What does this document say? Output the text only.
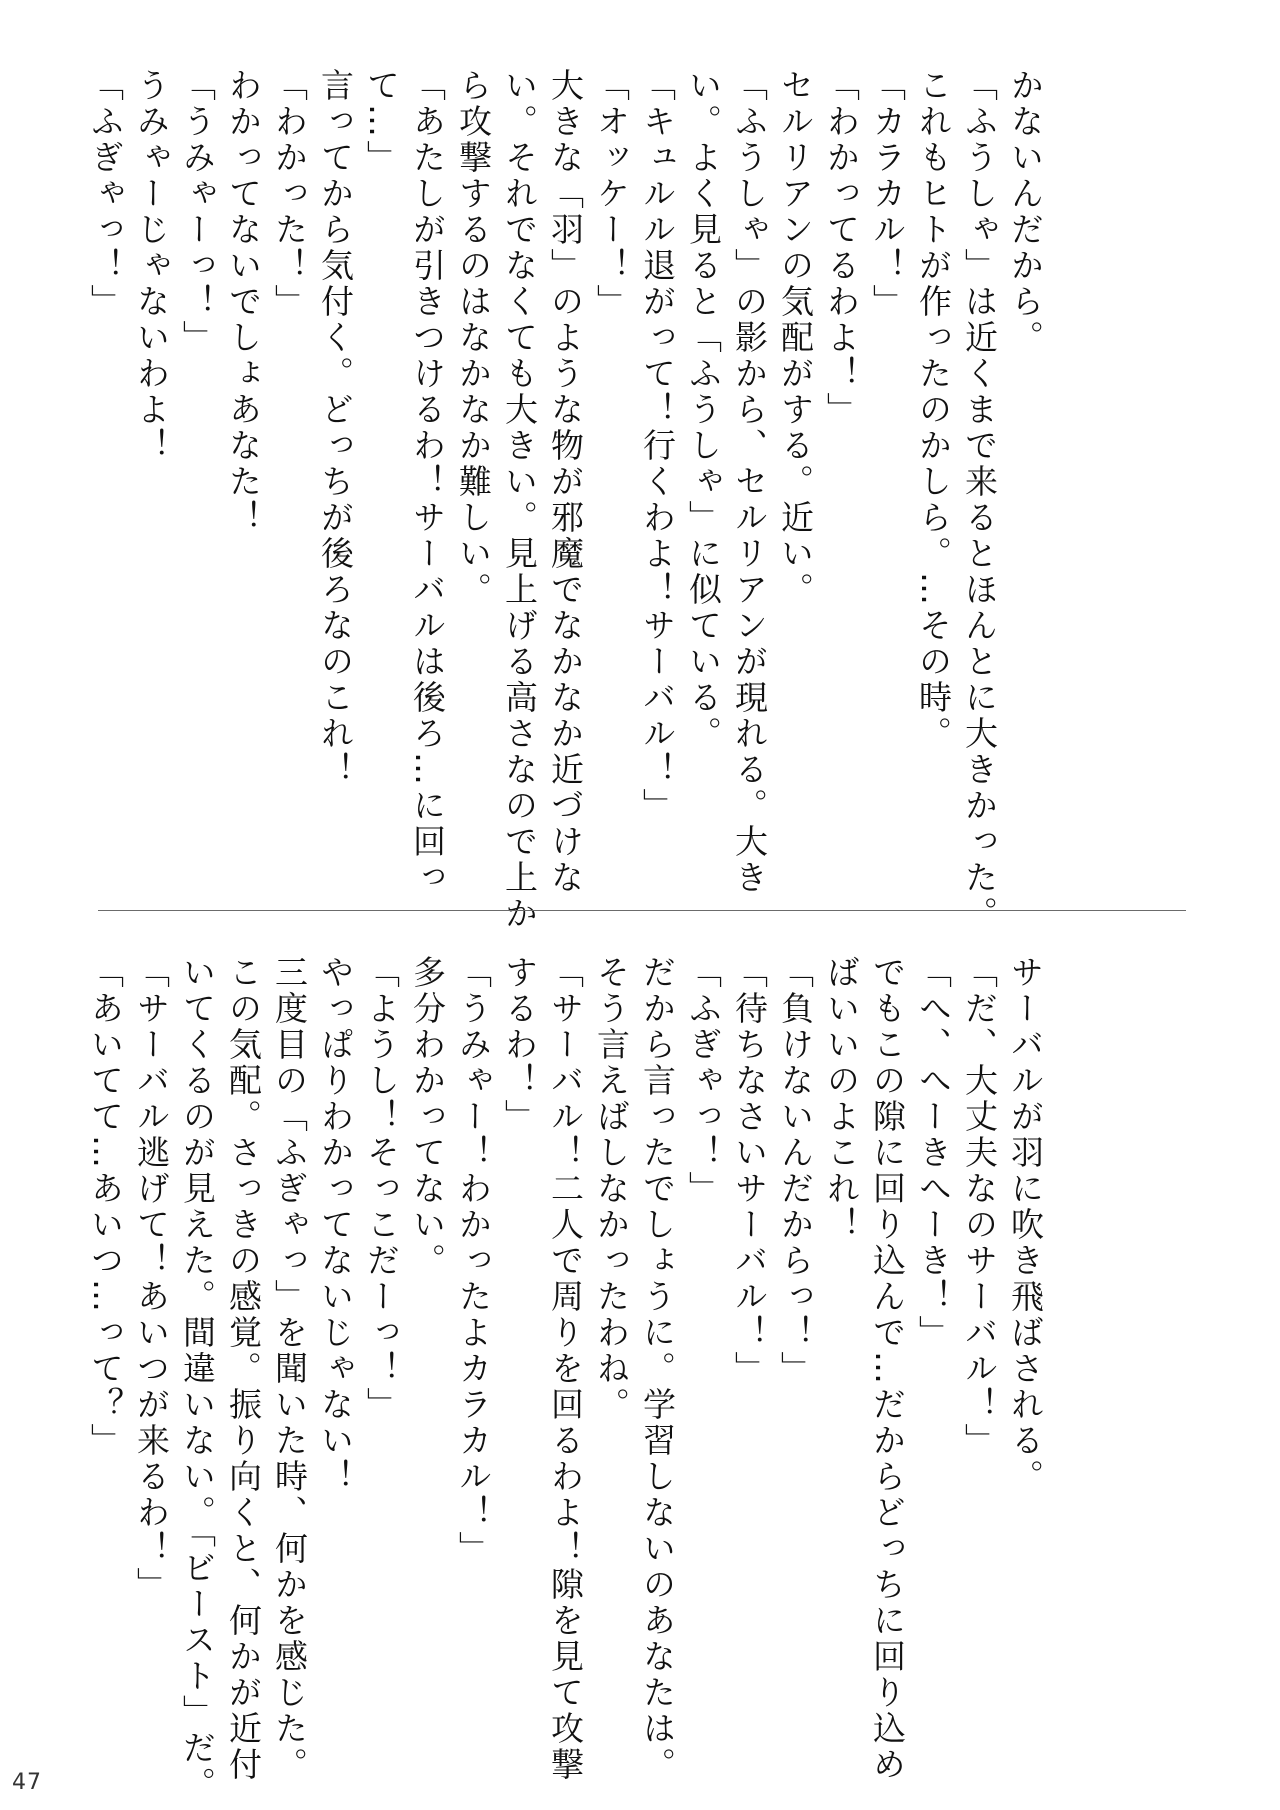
かないんだから。
「ふうしゃ」は近くまで来るとほんとに大きかった。
これもヒトが作ったのかしら。…その時。
「カラカル！」
「わかってるわよ！」
セルリアンの気配がする。近い。
「ふうしゃ」の影から、セルリアンが現れる。大き
い。よく見ると「ふうしゃ」に似ている。
「キュルル退がって！行くわよ！サーバル！」
「オッケー！」
大きな「羽」のような物が邪魔でなかなか近づけな
い。それでなくても大きい。見上げる高さなので上か
ら攻撃するのはなかなか難しい。
「あたしが引きつけるわ！サーバルは後ろ…に回っ
て…」
言ってから気付く。どっちが後ろなのこれ！
「わかった！」
わかってないでしょあなた！
「うみゃーっ！」
うみゃーじゃないわよ！
「ふぎゃっ！」
サーバルが羽に吹き飛ばされる。
「だ、大丈夫なのサーバル！」
「へ、へーきへーき！」
でもこの隙に回り込んで…だからどっちに回り込め
ばいいのよこれ！
「負けないんだからっ！」
「待ちなさいサーバル！」
「ふぎゃっ！」
だから言ったでしょうに。学習しないのあなたは。
そう言えばしなかったわね。
「サーバル！二人で周りを回るわよ！隙を見て攻撃
するわ！」
「うみゃー！わかったよカラカル！」
多分わかってない。
「ようし！そっこだーっ！」
やっぱりわかってないじゃない！
三度目の「ふぎゃっ」を聞いた時、何かを感じた。
この気配。さっきの感覚。振り向くと、何かが近付
いてくるのが見えた。間違いない。「ビースト」だ。
「サーバル逃げて！あいつが来るわ！」
「あいてて…あいつ…って？」
47
